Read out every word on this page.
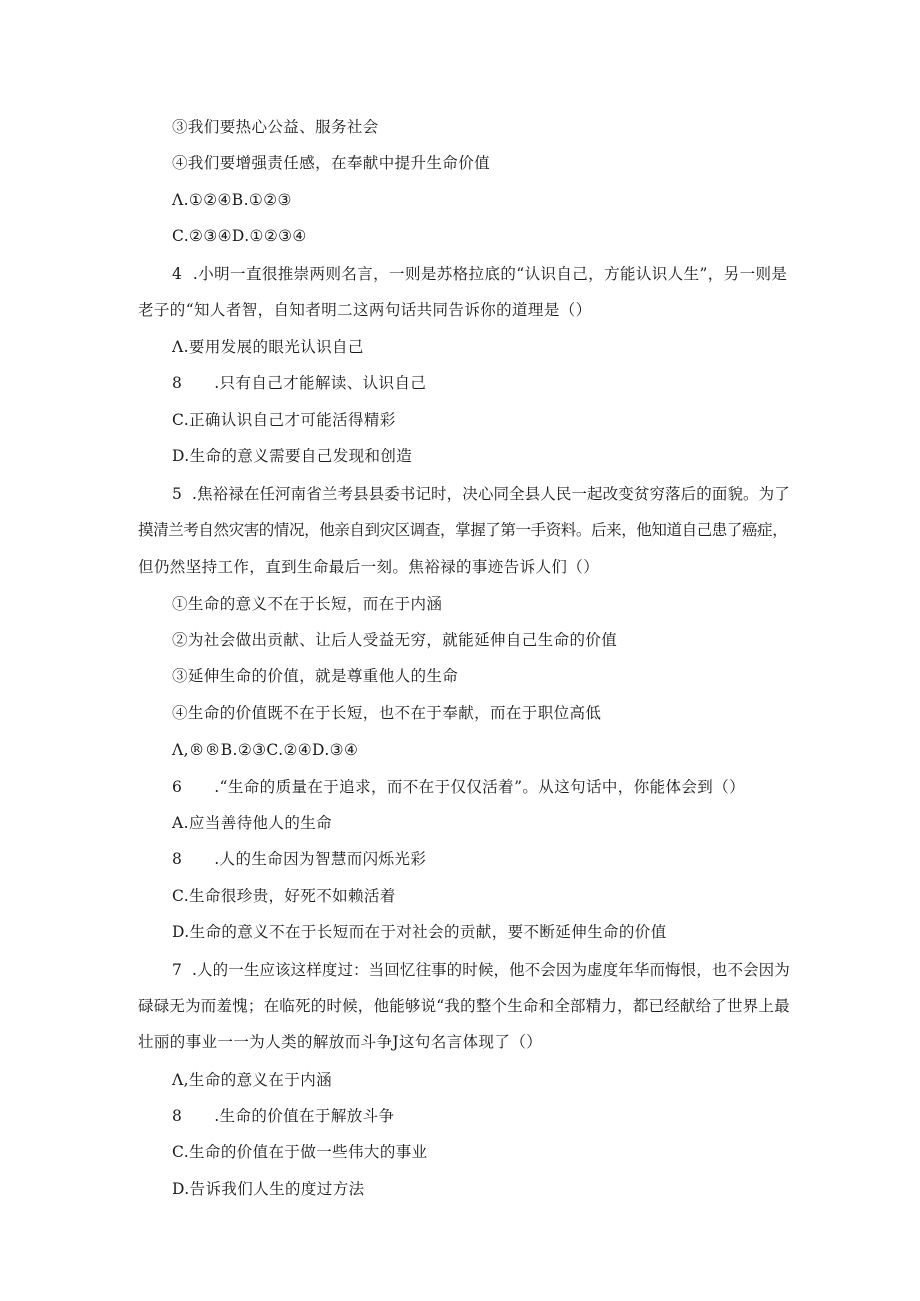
③我们要热心公益、服务社会
④我们要增强责任感，在奉献中提升生命价值
Λ.①②④B.①②③
C.②③④D.①②③④
4  .小明一直很推崇两则名言，一则是苏格拉底的“认识自己，方能认识人生”，另一则是
老子的“知人者智，自知者明二这两句话共同告诉你的道理是（）
Λ.要用发展的眼光认识自己
8      .只有自己才能解读、认识自己
C.正确认识自己才可能活得精彩
D.生命的意义需要自己发现和创造
5  .焦裕禄在任河南省兰考县县委书记时，决心同全县人民一起改变贫穷落后的面貌。为了
摸清兰考自然灾害的情况，他亲自到灾区调查，掌握了第一手资料。后来，他知道自己患了癌症，
但仍然坚持工作，直到生命最后一刻。焦裕禄的事迹告诉人们（）
①生命的意义不在于长短，而在于内涵
②为社会做出贡献、让后人受益无穷，就能延伸自己生命的价值
③延伸生命的价值，就是尊重他人的生命
④生命的价值既不在于长短，也不在于奉献，而在于职位高低
Λ,®®B.②③C.②④D.③④
6      .“生命的质量在于追求，而不在于仅仅活着”。从这句话中，你能体会到（）
A.应当善待他人的生命
8      .人的生命因为智慧而闪烁光彩
C.生命很珍贵，好死不如赖活着
D.生命的意义不在于长短而在于对社会的贡献，要不断延伸生命的价值
7  .人的一生应该这样度过：当回忆往事的时候，他不会因为虚度年华而悔恨，也不会因为
碌碌无为而羞愧；在临死的时候，他能够说“我的整个生命和全部精力，都已经献给了世界上最
壮丽的事业一一为人类的解放而斗争J这句名言体现了（）
Λ,生命的意义在于内涵
8      .生命的价值在于解放斗争
C.生命的价值在于做一些伟大的事业
D.告诉我们人生的度过方法
